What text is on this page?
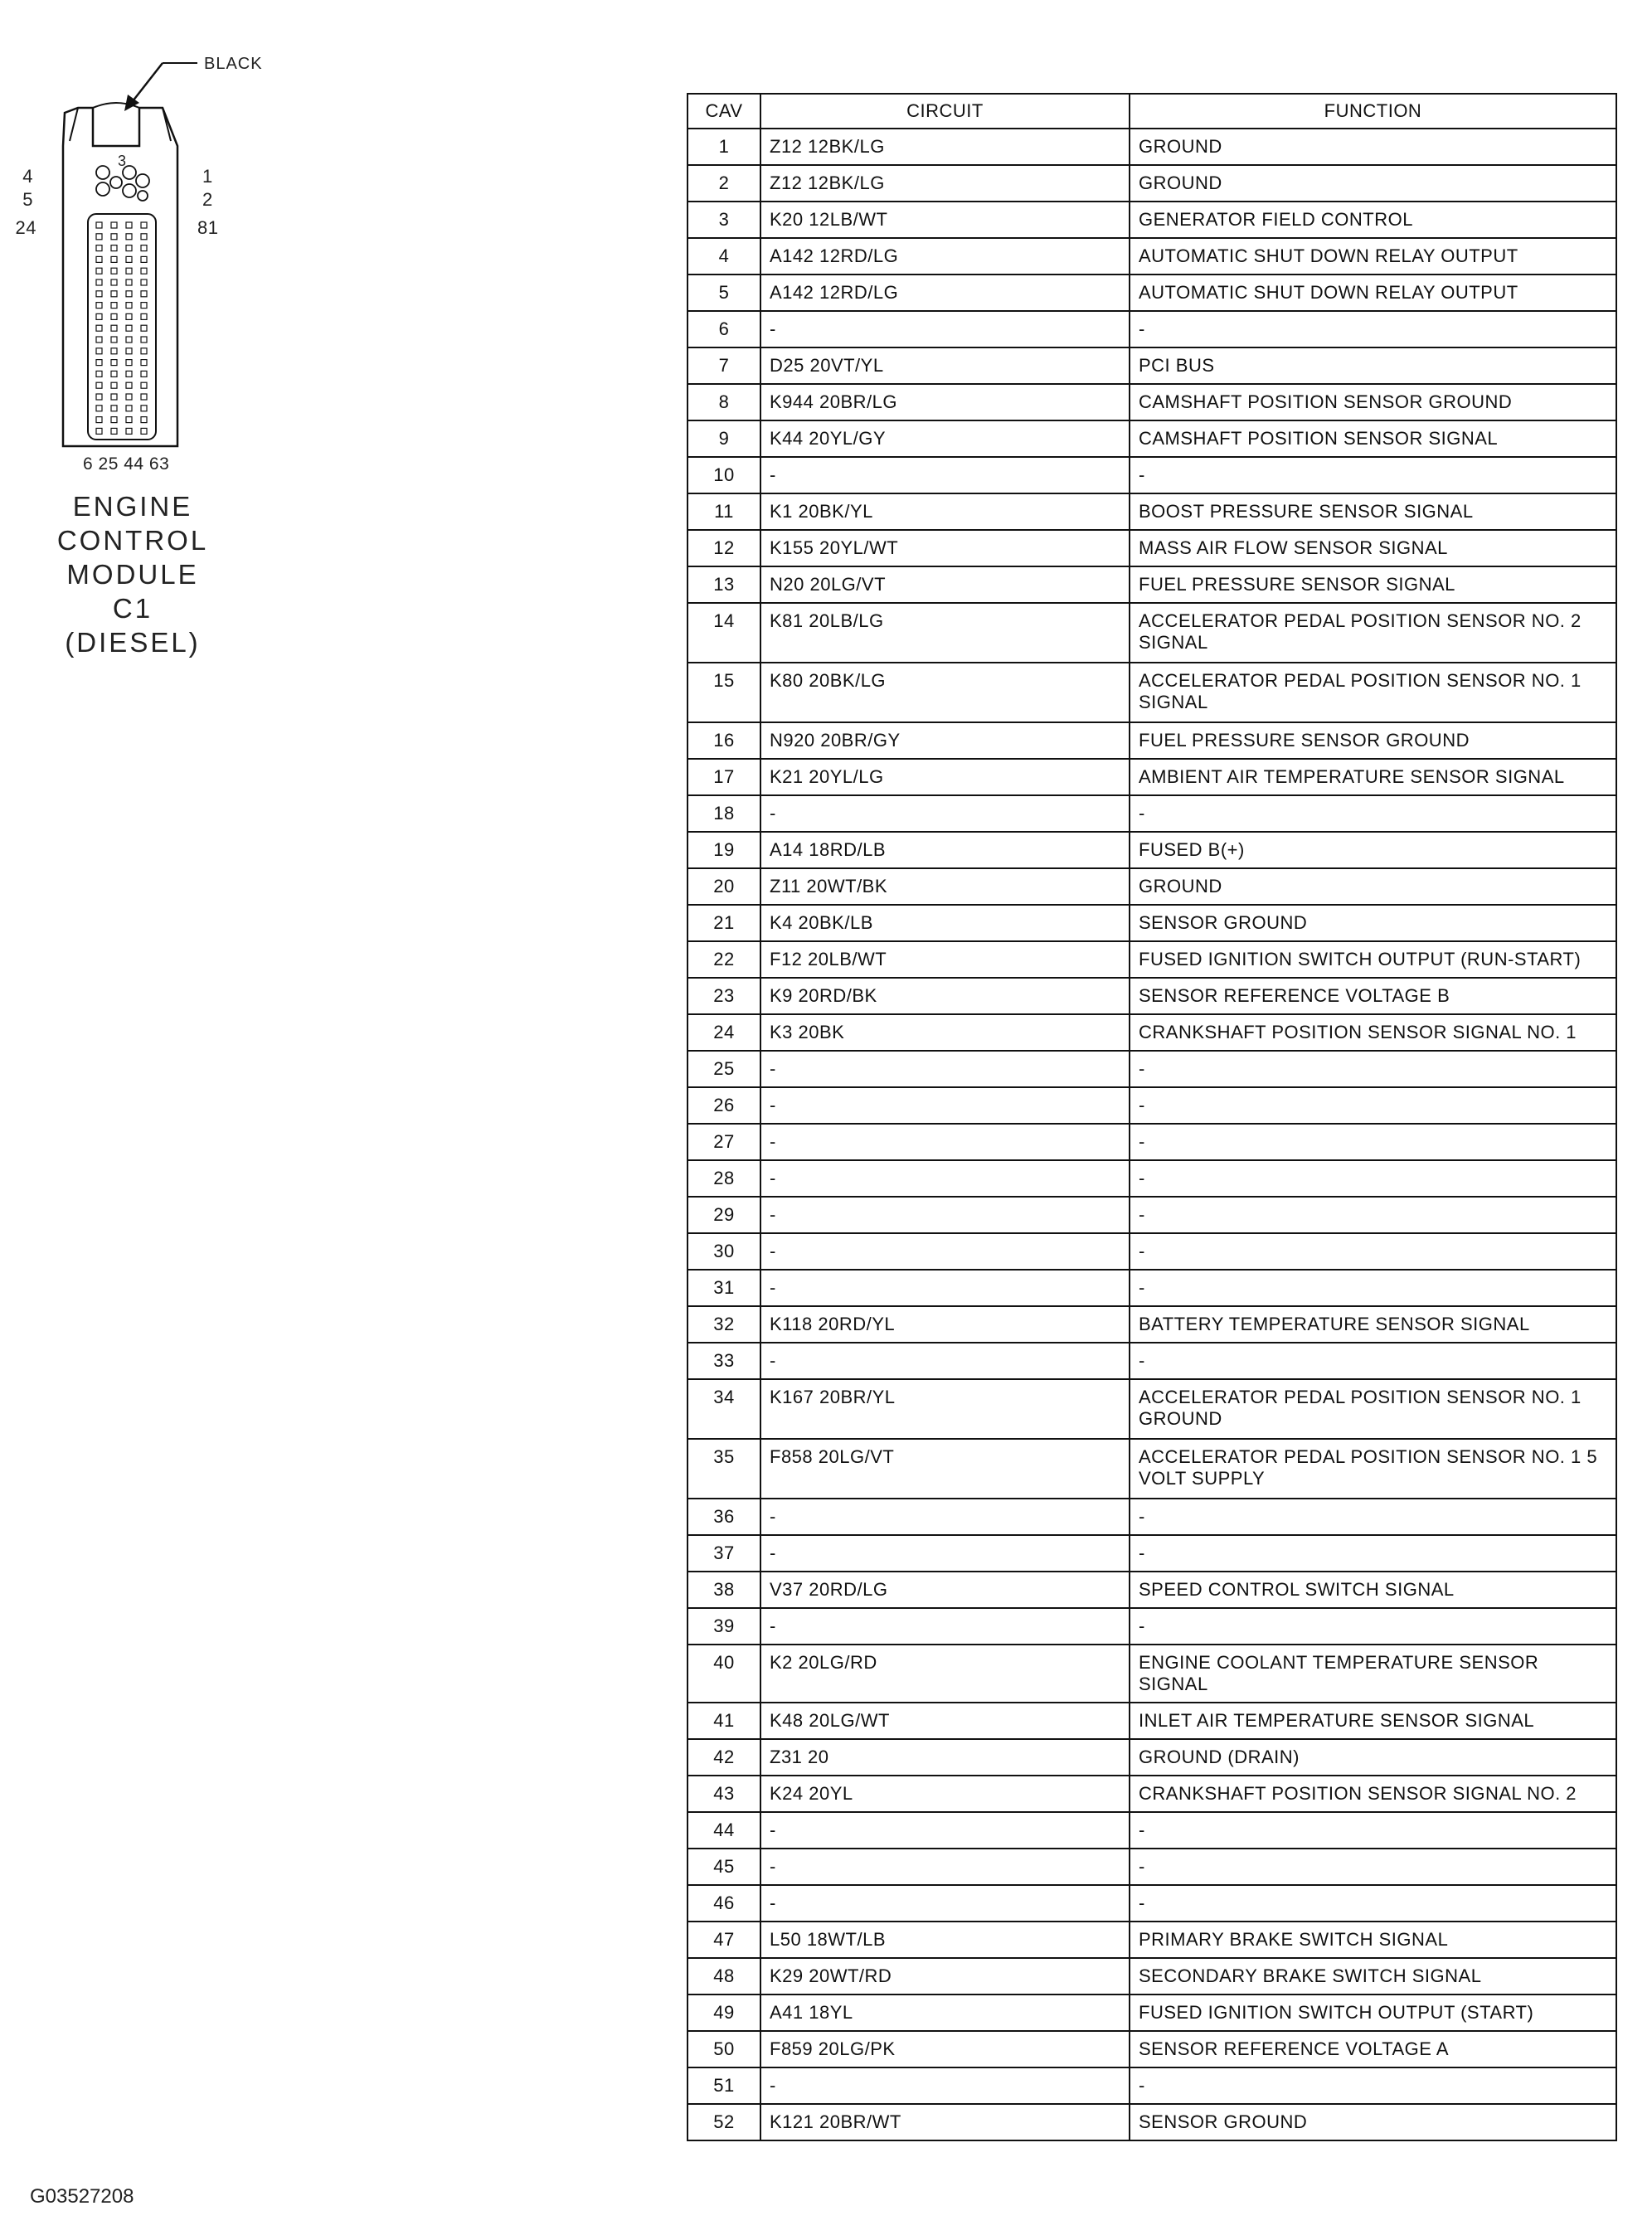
BLACK
4
5
24
1
2
81
3
6 25 44 63
ENGINE
CONTROL
MODULE
C1
(DIESEL)
CAV	CIRCUIT	FUNCTION
1	Z12 12BK/LG	GROUND
2	Z12 12BK/LG	GROUND
3	K20 12LB/WT	GENERATOR FIELD CONTROL
4	A142 12RD/LG	AUTOMATIC SHUT DOWN RELAY OUTPUT
5	A142 12RD/LG	AUTOMATIC SHUT DOWN RELAY OUTPUT
6	-	-
7	D25 20VT/YL	PCI BUS
8	K944 20BR/LG	CAMSHAFT POSITION SENSOR GROUND
9	K44 20YL/GY	CAMSHAFT POSITION SENSOR SIGNAL
10	-	-
11	K1 20BK/YL	BOOST PRESSURE SENSOR SIGNAL
12	K155 20YL/WT	MASS AIR FLOW SENSOR SIGNAL
13	N20 20LG/VT	FUEL PRESSURE SENSOR SIGNAL
14	K81 20LB/LG	ACCELERATOR PEDAL POSITION SENSOR NO. 2 SIGNAL
15	K80 20BK/LG	ACCELERATOR PEDAL POSITION SENSOR NO. 1 SIGNAL
16	N920 20BR/GY	FUEL PRESSURE SENSOR GROUND
17	K21 20YL/LG	AMBIENT AIR TEMPERATURE SENSOR SIGNAL
18	-	-
19	A14 18RD/LB	FUSED B(+)
20	Z11 20WT/BK	GROUND
21	K4 20BK/LB	SENSOR GROUND
22	F12 20LB/WT	FUSED IGNITION SWITCH OUTPUT (RUN-START)
23	K9 20RD/BK	SENSOR REFERENCE VOLTAGE B
24	K3 20BK	CRANKSHAFT POSITION SENSOR SIGNAL NO. 1
25	-	-
26	-	-
27	-	-
28	-	-
29	-	-
30	-	-
31	-	-
32	K118 20RD/YL	BATTERY TEMPERATURE SENSOR SIGNAL
33	-	-
34	K167 20BR/YL	ACCELERATOR PEDAL POSITION SENSOR NO. 1 GROUND
35	F858 20LG/VT	ACCELERATOR PEDAL POSITION SENSOR NO. 1 5 VOLT SUPPLY
36	-	-
37	-	-
38	V37 20RD/LG	SPEED CONTROL SWITCH SIGNAL
39	-	-
40	K2 20LG/RD	ENGINE COOLANT TEMPERATURE SENSOR SIGNAL
41	K48 20LG/WT	INLET AIR TEMPERATURE SENSOR SIGNAL
42	Z31 20	GROUND (DRAIN)
43	K24 20YL	CRANKSHAFT POSITION SENSOR SIGNAL NO. 2
44	-	-
45	-	-
46	-	-
47	L50 18WT/LB	PRIMARY BRAKE SWITCH SIGNAL
48	K29 20WT/RD	SECONDARY BRAKE SWITCH SIGNAL
49	A41 18YL	FUSED IGNITION SWITCH OUTPUT (START)
50	F859 20LG/PK	SENSOR REFERENCE VOLTAGE A
51	-	-
52	K121 20BR/WT	SENSOR GROUND
G03527208
